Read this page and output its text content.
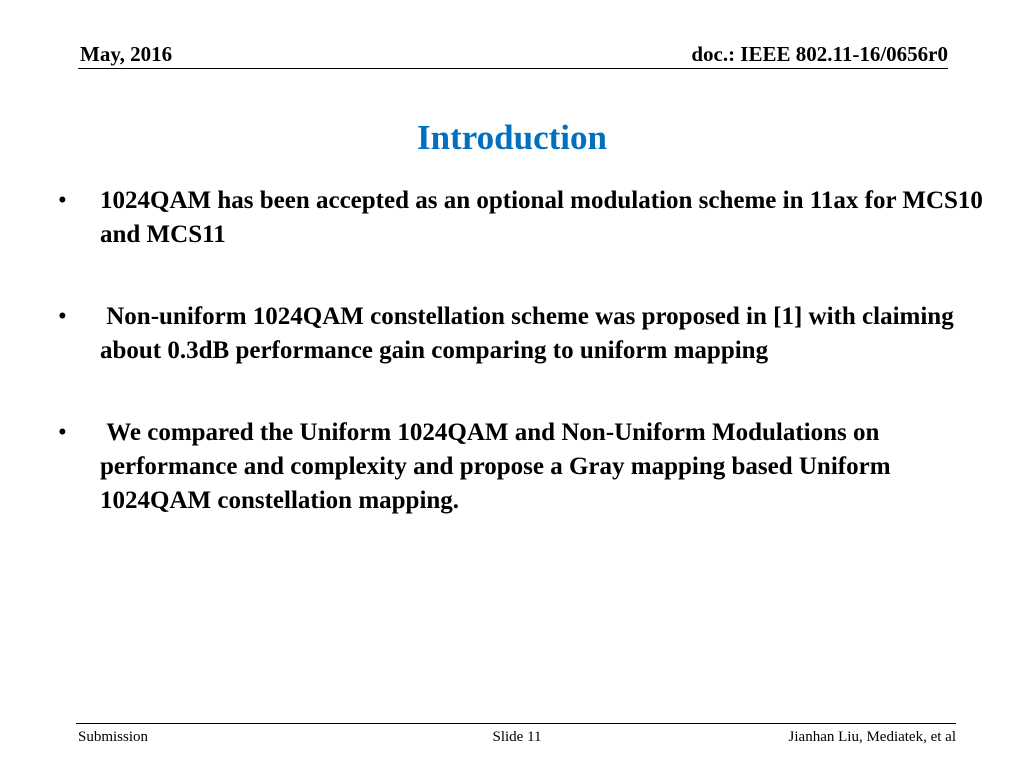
May, 2016	doc.: IEEE 802.11-16/0656r0
Introduction
• 1024QAM has been accepted as an optional modulation scheme in 11ax for MCS10 and MCS11
• Non-uniform 1024QAM constellation scheme was proposed in [1] with claiming about 0.3dB performance gain comparing to uniform mapping
• We compared the Uniform 1024QAM and Non-Uniform Modulations on performance and complexity and propose a Gray mapping based Uniform 1024QAM constellation mapping.
Submission	Slide 11	Jianhan Liu, Mediatek, et al
